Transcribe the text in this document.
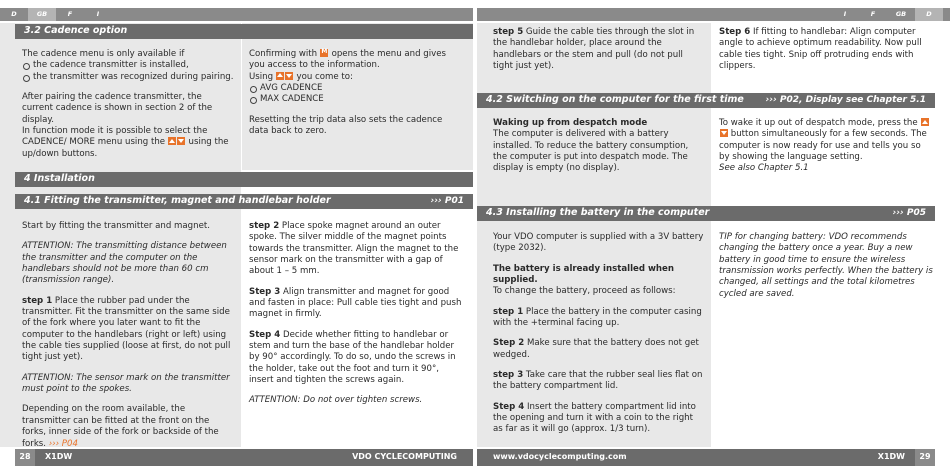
D	GB	F	I
3.2 Cadence option

The cadence menu is only available if

the cadence transmitter is installed,
the transmitter was recognized during pairing.

After pairing the cadence transmitter, the current cadence is shown in section 2 of the display.

In function mode it is possible to select the CADENCE/ MORE menu using the	using the up/down buttons.

Confirming with M opens the menu and gives you access to the information.

Using	you come to:

AVG CADENCE
MAX CADENCE

Resetting the trip data also sets the cadence data back to zero.

4 Installation
4.1 Fitting the transmitter, magnet and handlebar holder	››› P01

Start by fitting the transmitter and magnet.

ATTENTION: The transmitting distance between the transmitter and the computer on the handlebars should not be more than 60 cm (transmission range).

step 1 Place the rubber pad under the transmitter. Fit the transmitter on the same side of the fork where you later want to fit the computer to the handlebars (right or left) using the cable ties supplied (loose at first, do not pull tight just yet).

ATTENTION: The sensor mark on the transmitter must point to the spokes.

Depending on the room available, the transmitter can be fitted at the front on the forks, inner side of the fork or backside of the forks. ››› P04

step 2 Place spoke magnet around an outer spoke. The silver middle of the magnet points towards the transmitter. Align the magnet to the sensor mark on the transmitter with a gap of about 1 – 5 mm.

Step 3 Align transmitter and magnet for good and fasten in place: Pull cable ties tight and push magnet in firmly.

Step 4 Decide whether fitting to handlebar or stem and turn the base of the handlebar holder by 90° accordingly. To do so, undo the screws in the holder, take out the foot and turn it 90°, insert and tighten the screws again.

ATTENTION: Do not over tighten screws.

28	X1DW	VDO CYCLECOMPUTING
I	F	GB	D

step 5 Guide the cable ties through the slot in the handlebar holder, place around the handlebars or the stem and pull (do not pull tight just yet).

Step 6 If fitting to handlebar: Align computer angle to achieve optimum readability. Now pull cable ties tight. Snip off protruding ends with clippers.

4.2 Switching on the computer for the first time ››› P02, Display see Chapter 5.1

Waking up from despatch mode

The computer is delivered with a battery installed. To reduce the battery consumption, the computer is put into despatch mode. The display is empty (no display).

To wake it up out of despatch mode, press the  button simultaneously for a few seconds. The computer is now ready for use and tells you so by showing the language setting.

See also Chapter 5.1

4.3 Installing the battery in the computer	››› P05

Your VDO computer is supplied with a 3V battery (type 2032).

The battery is already installed when supplied.

To change the battery, proceed as follows:

step 1 Place the battery in the computer casing with the +terminal facing up.

Step 2 Make sure that the battery does not get wedged.

step 3 Take care that the rubber seal lies flat on the battery compartment lid.

Step 4 Insert the battery compartment lid into the opening and turn it with a coin to the right as far as it will go (approx. 1/3 turn).

TIP for changing battery: VDO recommends changing the battery once a year. Buy a new battery in good time to ensure the wireless transmission works perfectly. When the battery is changed, all settings and the total kilometres cycled are saved.

www.vdocyclecomputing.com	X1DW	29
